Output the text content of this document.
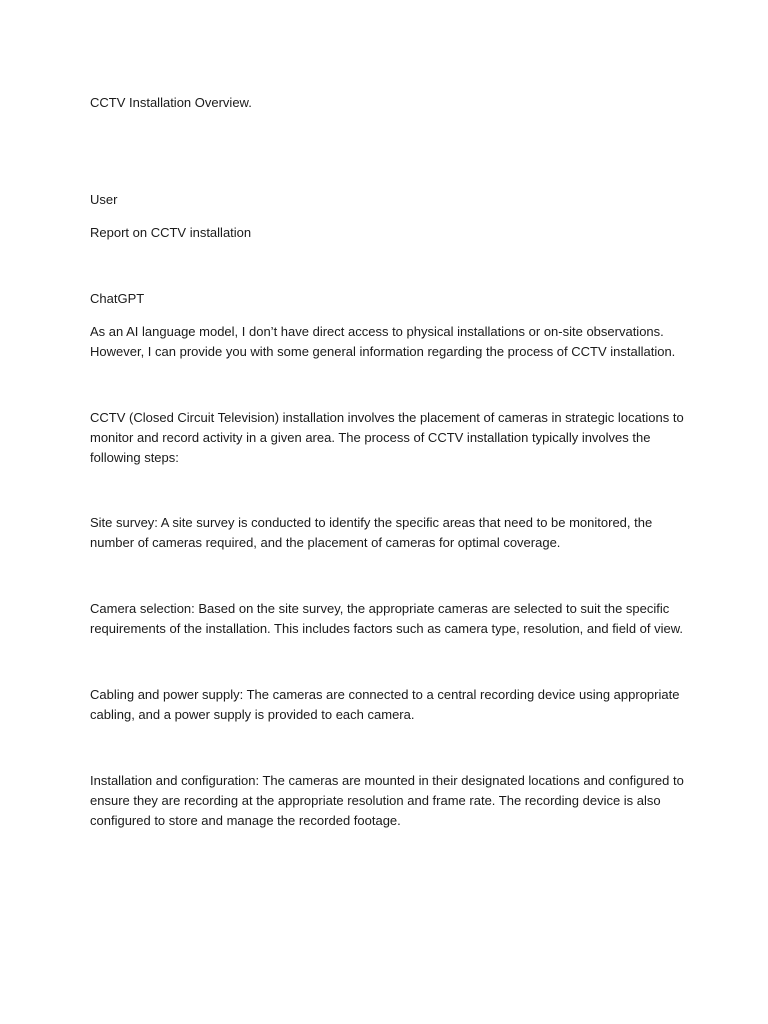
CCTV Installation Overview.

User

Report on CCTV installation

ChatGPT

As an AI language model, I don’t have direct access to physical installations or on-site observations.
However, I can provide you with some general information regarding the process of CCTV installation.
CCTV (Closed Circuit Television) installation involves the placement of cameras in strategic locations to
monitor and record activity in a given area. The process of CCTV installation typically involves the
following steps:
Site survey: A site survey is conducted to identify the specific areas that need to be monitored, the
number of cameras required, and the placement of cameras for optimal coverage.
Camera selection: Based on the site survey, the appropriate cameras are selected to suit the specific
requirements of the installation. This includes factors such as camera type, resolution, and field of view.
Cabling and power supply: The cameras are connected to a central recording device using appropriate
cabling, and a power supply is provided to each camera.
Installation and configuration: The cameras are mounted in their designated locations and configured to
ensure they are recording at the appropriate resolution and frame rate. The recording device is also
configured to store and manage the recorded footage.
